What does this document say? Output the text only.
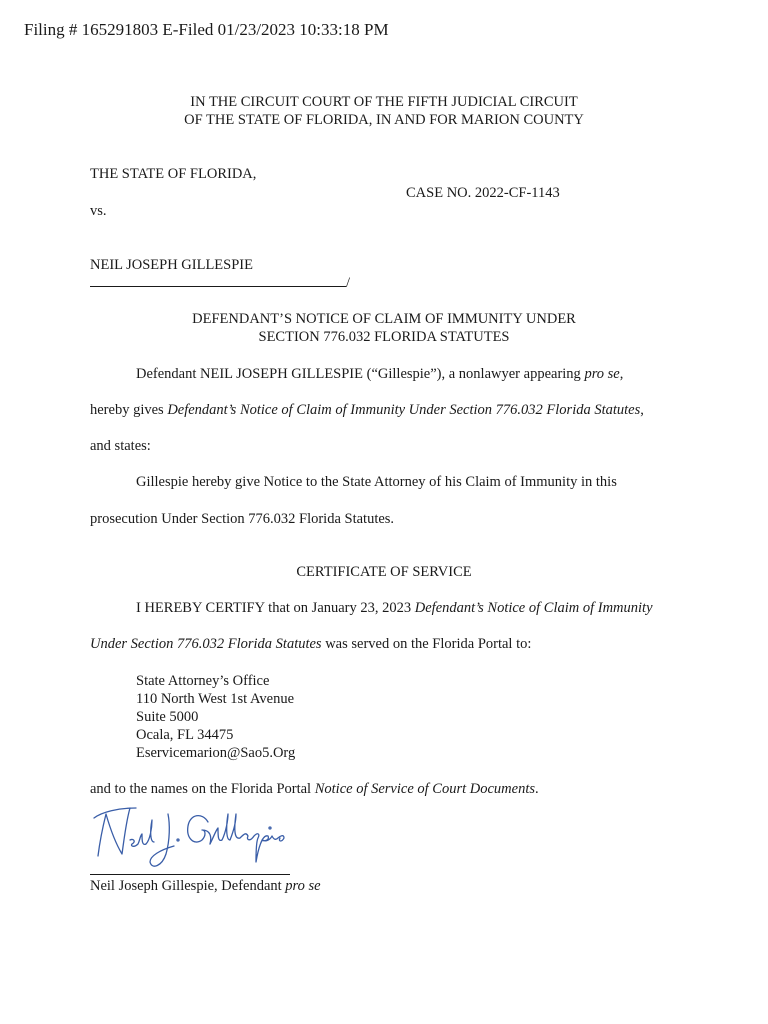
Filing # 165291803 E-Filed 01/23/2023 10:33:18 PM
IN THE CIRCUIT COURT OF THE FIFTH JUDICIAL CIRCUIT
OF THE STATE OF FLORIDA, IN AND FOR MARION COUNTY
THE STATE OF FLORIDA,
CASE NO. 2022-CF-1143
vs.
NEIL JOSEPH GILLESPIE
/
DEFENDANT’S NOTICE OF CLAIM OF IMMUNITY UNDER
SECTION 776.032 FLORIDA STATUTES
Defendant NEIL JOSEPH GILLESPIE (“Gillespie”), a nonlawyer appearing pro se,
hereby gives Defendant’s Notice of Claim of Immunity Under Section 776.032 Florida Statutes,
and states:
Gillespie hereby give Notice to the State Attorney of his Claim of Immunity in this
prosecution Under Section 776.032 Florida Statutes.
CERTIFICATE OF SERVICE
I HEREBY CERTIFY that on January 23, 2023 Defendant’s Notice of Claim of Immunity
Under Section 776.032 Florida Statutes was served on the Florida Portal to:
State Attorney’s Office
110 North West 1st Avenue
Suite 5000
Ocala, FL 34475
Eservicemarion@Sao5.Org
and to the names on the Florida Portal Notice of Service of Court Documents.
Neil Joseph Gillespie, Defendant pro se
